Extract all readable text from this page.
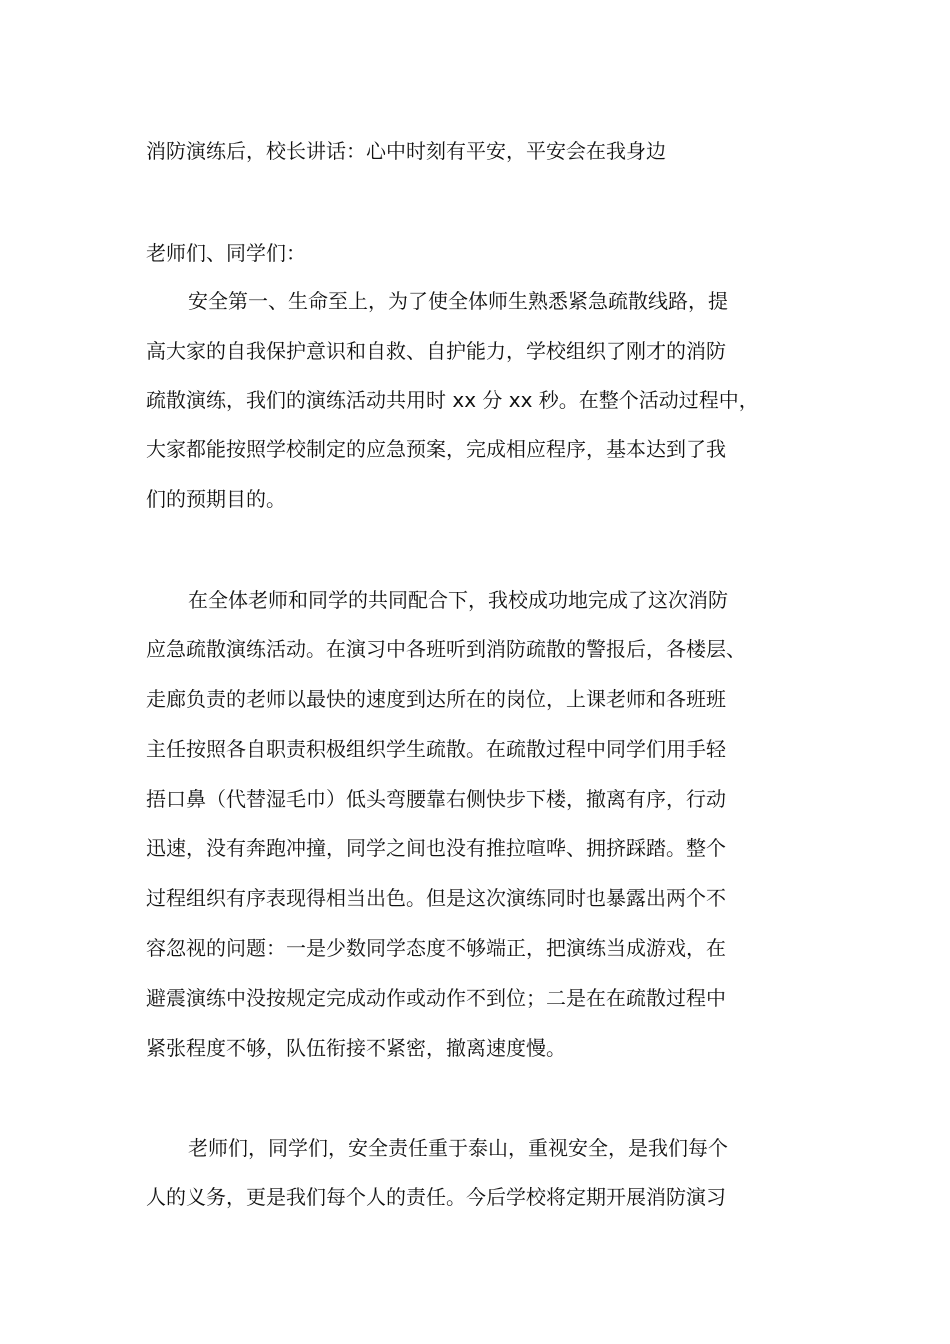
消防演练后，校长讲话：心中时刻有平安，平安会在我身边
老师们、同学们：
安全第一、生命至上，为了使全体师生熟悉紧急疏散线路，提
高大家的自我保护意识和自救、自护能力，学校组织了刚才的消防
疏散演练，我们的演练活动共用时 xx 分 xx 秒。在整个活动过程中，
大家都能按照学校制定的应急预案，完成相应程序，基本达到了我
们的预期目的。
在全体老师和同学的共同配合下，我校成功地完成了这次消防
应急疏散演练活动。在演习中各班听到消防疏散的警报后，各楼层、
走廊负责的老师以最快的速度到达所在的岗位，上课老师和各班班
主任按照各自职责积极组织学生疏散。在疏散过程中同学们用手轻
捂口鼻（代替湿毛巾）低头弯腰靠右侧快步下楼，撤离有序，行动
迅速，没有奔跑冲撞，同学之间也没有推拉喧哗、拥挤踩踏。整个
过程组织有序表现得相当出色。但是这次演练同时也暴露出两个不
容忽视的问题：一是少数同学态度不够端正，把演练当成游戏，在
避震演练中没按规定完成动作或动作不到位；二是在在疏散过程中
紧张程度不够，队伍衔接不紧密，撤离速度慢。
老师们，同学们，安全责任重于泰山，重视安全，是我们每个
人的义务，更是我们每个人的责任。今后学校将定期开展消防演习
